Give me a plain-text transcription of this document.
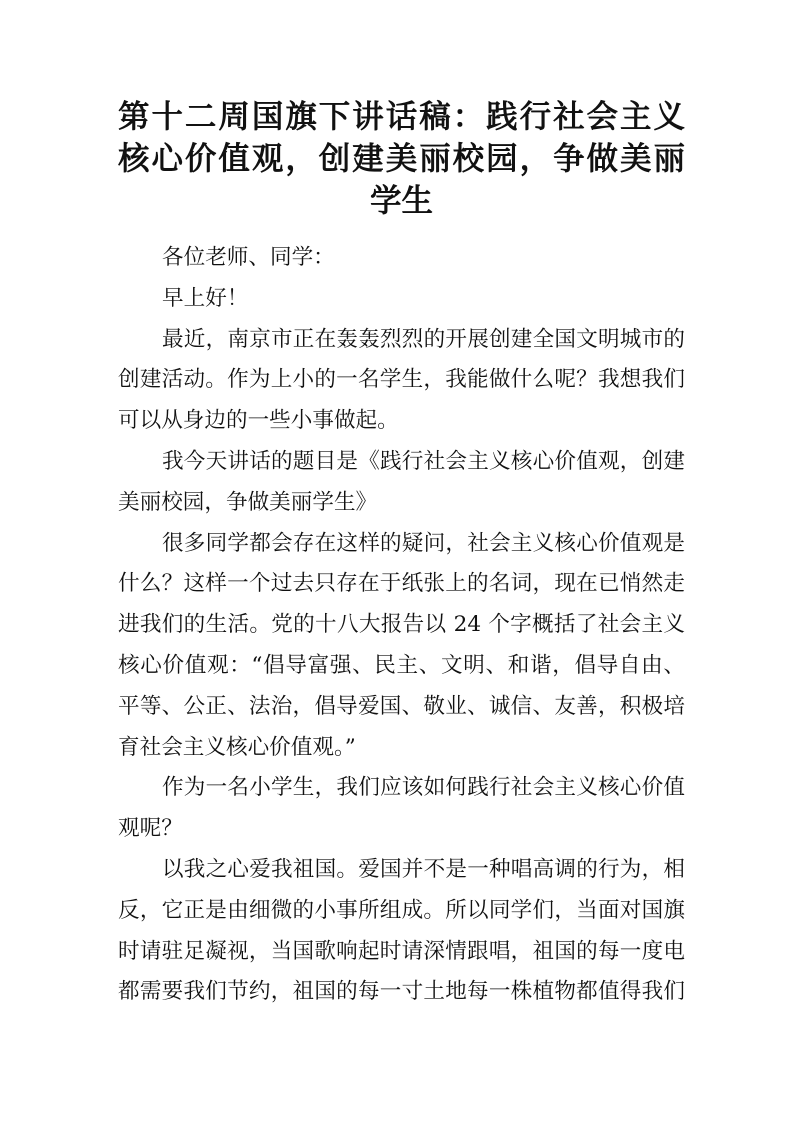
第十二周国旗下讲话稿：践行社会主义
核心价值观，创建美丽校园，争做美丽
学生
各位老师、同学：
早上好！
最近，南京市正在轰轰烈烈的开展创建全国文明城市的
创建活动。作为上小的一名学生，我能做什么呢？我想我们
可以从身边的一些小事做起。
我今天讲话的题目是《践行社会主义核心价值观，创建
美丽校园，争做美丽学生》
很多同学都会存在这样的疑问，社会主义核心价值观是
什么？这样一个过去只存在于纸张上的名词，现在已悄然走
进我们的生活。党的十八大报告以 24 个字概括了社会主义
核心价值观：“倡导富强、民主、文明、和谐，倡导自由、
平等、公正、法治，倡导爱国、敬业、诚信、友善，积极培
育社会主义核心价值观。”
作为一名小学生，我们应该如何践行社会主义核心价值
观呢？
以我之心爱我祖国。爱国并不是一种唱高调的行为，相
反，它正是由细微的小事所组成。所以同学们，当面对国旗
时请驻足凝视，当国歌响起时请深情跟唱，祖国的每一度电
都需要我们节约，祖国的每一寸土地每一株植物都值得我们
